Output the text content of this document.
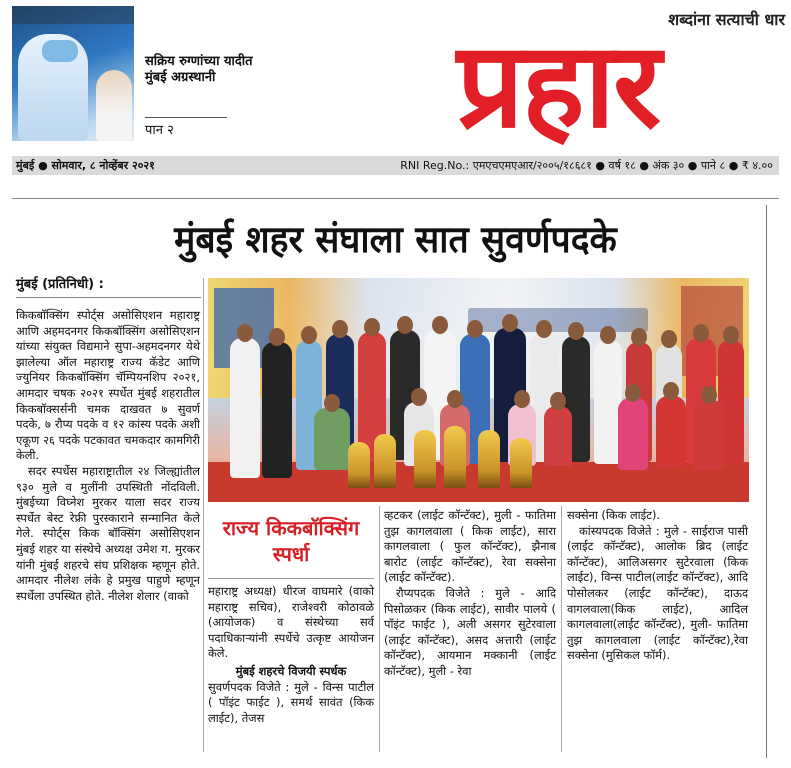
सक्रिय रुग्णांच्या यादीत मुंबई अग्रस्थानी
पान २
शब्दांना सत्याची धार
प्रहार
मुंबई ● सोमवार, ८ नोव्हेंबर २०२१	RNI Reg.No.: एमएचएमएआर/२००५/१८६८१ ● वर्ष १८ ● अंक ३० ● पाने ८ ● ₹ ४.००
मुंबई शहर संघाला सात सुवर्णपदके
मुंबई (प्रतिनिधी) :

किकबॉक्सिंग स्पोर्ट्स असोसिएशन महाराष्ट्र आणि अहमदनगर किकबॉक्सिंग असोसिएशन यांच्या संयुक्त विद्यमाने सुपा-अहमदनगर येथे झालेल्या ऑल महाराष्ट्र राज्य कॅडेट आणि ज्युनियर किकबॉक्सिंग चॅम्पियनशिप २०२१, आमदार चषक २०२१ स्पर्धेत मुंबई शहरातील किकबॉक्सर्सनी चमक दाखवत ७ सुवर्ण पदके, ७ रौप्य पदके व १२ कांस्य पदके अशी एकूण २६ पदके पटकावत चमकदार कामगिरी केली.

सदर स्पर्धेस महाराष्ट्रातील २४ जिल्ह्यांतील ९३० मुले व मुलींनी उपस्थिती नोंदविली. मुंबईच्या विघ्नेश मुरकर याला सदर राज्य स्पर्धेत बेस्ट रेफ्री पुरस्काराने सन्मानित केले गेले. स्पोर्ट्स किक बॉक्सिंग असोसिएशन मुंबई शहर या संस्थेचे अध्यक्ष उमेश ग. मुरकर यांनी मुंबई शहरचे संघ प्रशिक्षक म्हणून होते. आमदार नीलेश लंके हे प्रमुख पाहुणे म्हणून स्पर्धेला उपस्थित होते. नीलेश शेलार (वाको

राज्य किकबॉक्सिंग स्पर्धा

महाराष्ट्र अध्यक्ष) धीरज वाघमारे (वाको महाराष्ट्र सचिव), राजेश्वरी कोठावळे (आयोजक) व संस्थेच्या सर्व पदाधिकाऱ्यांनी स्पर्धेचे उत्कृष्ट आयोजन केले.

मुंबई शहरचे विजयी स्पर्धक

सुवर्णपदक विजेते : मुले - विन्स पाटील ( पॉइंट फाईट ), समर्थ सावंत (किक लाईट), तेजस

व्हटकर (लाईट कॉन्टॅक्ट), मुली - फातिमा तुझ कागलवाला ( किक लाईट), सारा कागलवाला ( फुल कॉन्टॅक्ट), झैनाब बारोट (लाईट कॉन्टॅक्ट), रेवा सक्सेना (लाईट कॉन्टॅक्ट).

रौप्यपदक विजेते : मुले - आदि पिसोळकर (किक लाईट), सावीर पालये ( पॉइंट फाईट ), अली असगर सुटेरवाला (लाईट कॉन्टॅक्ट), असद अत्तारी (लाईट कॉन्टॅक्ट), आयमान मक्कानी (लाईट कॉन्टॅक्ट), मुली - रेवा

सक्सेना (किक लाईट).

कांस्यपदक विजेते : मुले - साईराज पासी (लाईट कॉन्टॅक्ट), आलोक ब्रिद (लाईट कॉन्टॅक्ट), आलिअसगर सुटेरवाला (किक लाईट), विन्स पाटील(लाईट कॉन्टॅक्ट), आदि पोसोलकर (लाईट कॉन्टॅक्ट), दाऊद वागलवाला(किक लाईट), आदिल कागलवाला(लाईट कॉन्टॅक्ट), मुली- फातिमा तुझ कागलवाला (लाईट कॉन्टॅक्ट),रेवा सक्सेना (मुसिकल फॉर्म).
